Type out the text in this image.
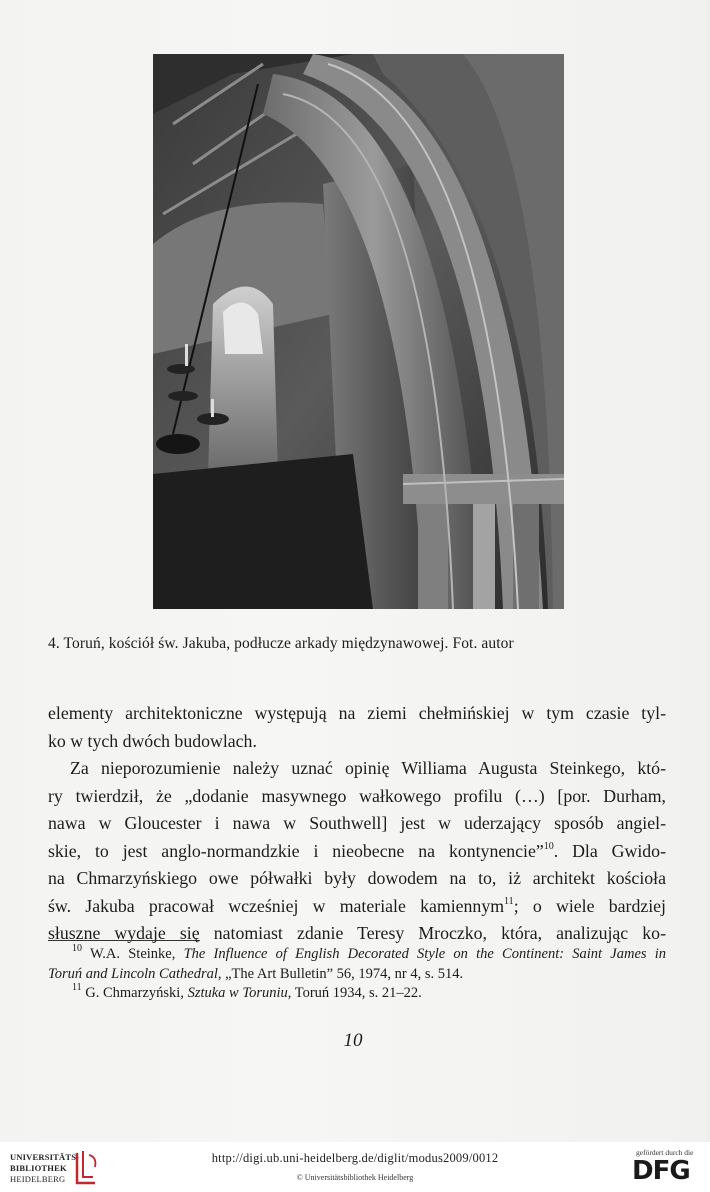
4. Toruń, kościół św. Jakuba, podłucze arkady międzynawowej. Fot. autor

elementy architektoniczne występują na ziemi chełmińskiej w tym czasie tyl-
ko w tych dwóch budowlach.

Za nieporozumienie należy uznać opinię Williama Augusta Steinkego, któ-
ry twierdził, że „dodanie masywnego wałkowego profilu (…) [por. Durham,
nawa w Gloucester i nawa w Southwell] jest w uderzający sposób angiel-
skie, to jest anglo-normandzkie i nieobecne na kontynencie”$^{10}$. Dla Gwido-
na Chmarzyńskiego owe półwałki były dowodem na to, iż architekt kościoła
św. Jakuba pracował wcześniej w materiale kamiennym$^{11}$; o wiele bardziej
słuszne wydaje się natomiast zdanie Teresy Mroczko, która, analizując ko-

$^{10}$ W.A. Steinke, The Influence of English Decorated Style on the Continent: Saint James in
Toruń and Lincoln Cathedral, „The Art Bulletin” 56, 1974, nr 4, s. 514.
$^{11}$ G. Chmarzyński, Sztuka w Toruniu, Toruń 1934, s. 21–22.
10
UNIVERSITÄTS-
BIBLIOTHEK
HEIDELBERG
http://digi.ub.uni-heidelberg.de/diglit/modus2009/0012
© Universitätsbibliothek Heidelberg
gefördert durch die
DFG
